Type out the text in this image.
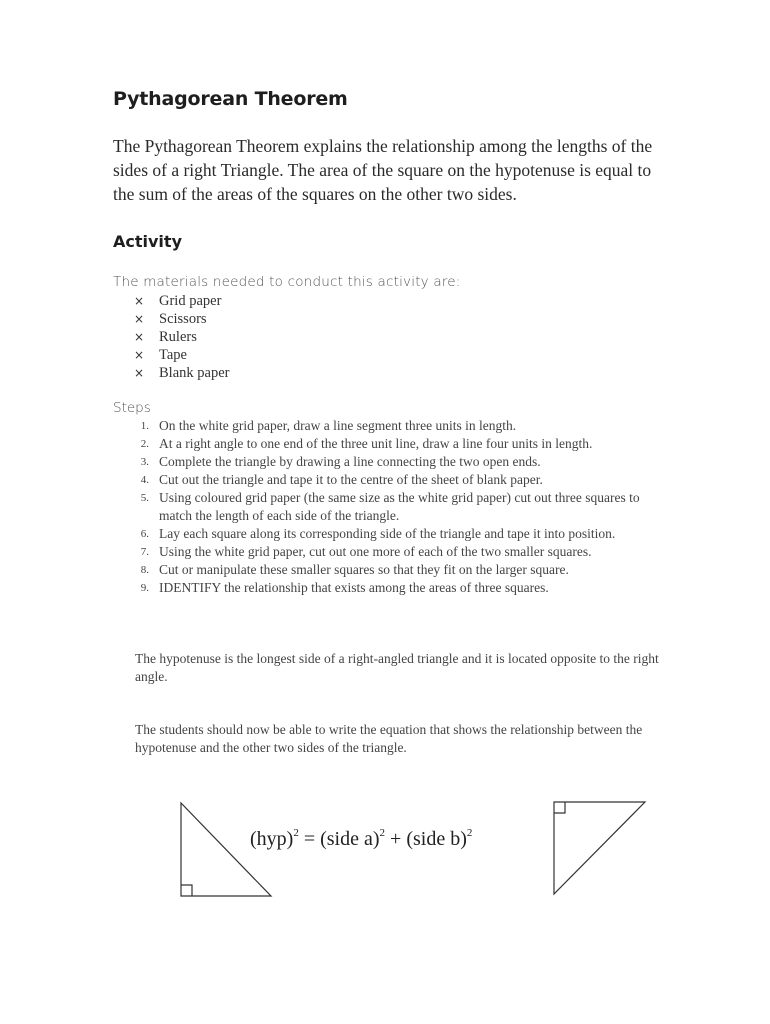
Pythagorean Theorem

The Pythagorean Theorem explains the relationship among the lengths of the sides of a right Triangle. The area of the square on the hypotenuse is equal to the sum of the areas of the squares on the other two sides.

Activity

The materials needed to conduct this activity are:

×	Grid paper
×	Scissors
×	Rulers
×	Tape
×	Blank paper

Steps

1. On the white grid paper, draw a line segment three units in length.
2. At a right angle to one end of the three unit line, draw a line four units in length.
3. Complete the triangle by drawing a line connecting the two open ends.
4. Cut out the triangle and tape it to the centre of the sheet of blank paper.
5. Using coloured grid paper (the same size as the white grid paper) cut out three squares to match the length of each side of the triangle.
6. Lay each square along its corresponding side of the triangle and tape it into position.
7. Using the white grid paper, cut out one more of each of the two smaller squares.
8. Cut or manipulate these smaller squares so that they fit on the larger square.
9. IDENTIFY the relationship that exists among the areas of three squares.

The hypotenuse is the longest side of a right-angled triangle and it is located opposite to the right angle.

The students should now be able to write the equation that shows the relationship between the hypotenuse and the other two sides of the triangle.

(hyp)$^2$ = (side a)$^2$ + (side b)$^2$
